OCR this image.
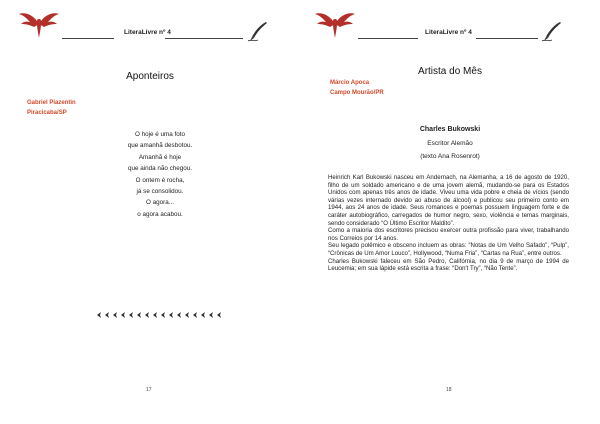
LiteraLivre nº 4
Aponteiros
Gabriel Piazentin
Piracicaba/SP
O hoje é uma foto
que amanhã desbotou.
Amanhã é hoje
que ainda não chegou.
O ontem é rocha,
já se consolidou.
O agora...
o agora acabou.
17
LiteraLivre nº 4
Artista do Mês
Márcio Apoca
Campo Mourão/PR
Charles Bukowski
Escritor Alemão
(texto Ana Rosenrot)

Heinrich Karl Bukowski nasceu em Andernach, na Alemanha, a 16 de agosto de 1920, filho de um soldado americano e de uma jovem alemã, mudando-se para os Estados Unidos com apenas três anos de idade. Viveu uma vida pobre e cheia de vícios (sendo várias vezes internado devido ao abuso de álcool) e publicou seu primeiro conto em 1944, aos 24 anos de idade. Seus romances e poemas possuem linguagem forte e de caráter autobiográfico, carregados de humor negro, sexo, violência e temas marginais, sendo considerado “O Último Escritor Maldito”.

Como a maioria dos escritores precisou exercer outra profissão para viver, trabalhando nos Correios por 14 anos.

Seu legado polêmico e obsceno incluem as obras: “Notas de Um Velho Safado”, “Pulp”, “Crônicas de Um Amor Louco”, Hollywood, “Numa Fria”, “Cartas na Rua”, entre outros.

Charles Bukowski faleceu em São Pedro, Califórnia, no dia 9 de março de 1994 de Leucemia; em sua lápide está escrita a frase: “Don't Try”, “Não Tente”.

18
